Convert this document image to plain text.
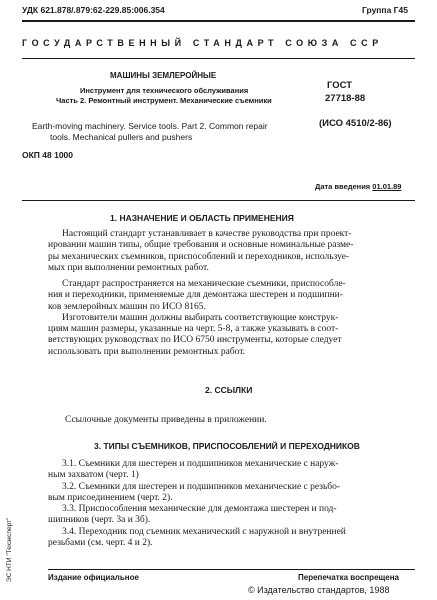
УДК 621.878/.879:62-229.85:006.354	Группа Г45
ГОСУДАРСТВЕННЫЙ СТАНДАРТ СОЮЗА ССР
МАШИНЫ ЗЕМЛЕРОЙНЫЕ
Инструмент для технического обслуживания
Часть 2. Ремонтный инструмент. Механические съемники
ГОСТ
27718-88
(ИСО 4510/2-86)
Earth-moving machinery. Service tools. Part 2. Common repair
tools. Mechanical pullers and pushers
ОКП 48 1000
Дата введения 01.01.89
1. НАЗНАЧЕНИЕ И ОБЛАСТЬ ПРИМЕНЕНИЯ
Настоящий стандарт устанавливает в качестве руководства при проект-
ировании машин типы, общие требования и основные номинальные разме-
ры механических съемников, приспособлений и переходников, используе-
мых при выполнении ремонтных работ.
Стандарт распространяется на механические съемники, приспособле-
ния и переходники, применяемые для демонтажа шестерен и подшипни-
ков землеройных машин по ИСО 8165.
Изготовители машин должны выбирать соответствующие конструк-
циям машин размеры, указанные на черт. 5-8, а также указывать в соот-
ветствующих руководствах по ИСО 6750 инструменты, которые следует
использовать при выполнении ремонтных работ.
2. ССЫЛКИ
Ссылочные документы приведены в приложении.
3. ТИПЫ СЪЕМНИКОВ, ПРИСПОСОБЛЕНИЙ И ПЕРЕХОДНИКОВ
3.1. Съемники для шестерен и подшипников механические с наруж-
ным захватом (черт. 1)
3.2. Съемники для шестерен и подшипников механические с резьбо-
вым присоединением (черт. 2).
3.3. Приспособления механические для демонтажа шестерен и под-
шипников (черт. 3а и 3б).
3.4. Переходник под съемник механический с наружной и внутренней
резьбами (см. черт. 4 и 2).
Издание официальное	Перепечатка воспрещена
© Издательство стандартов, 1988
ЭС НТИ "Техэксперт"
